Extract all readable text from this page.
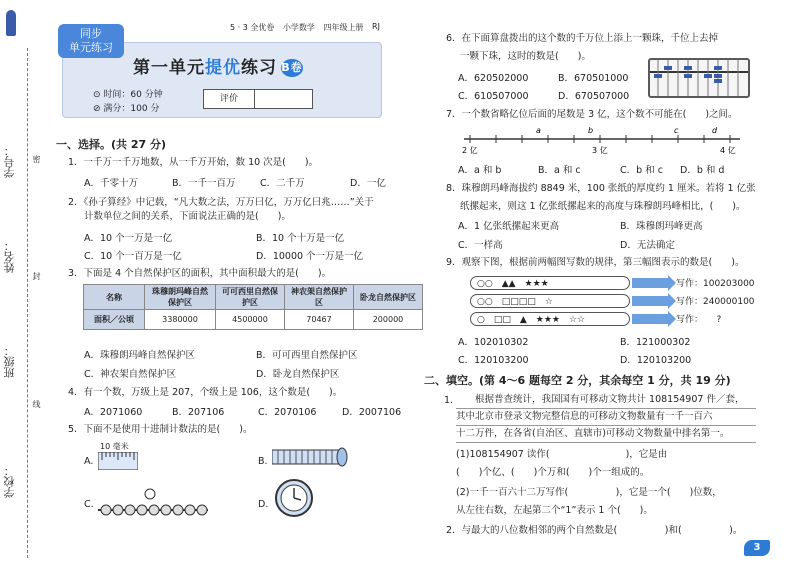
学号：
姓名：
班级：
学校：
密
封
线
第一单元提优练习 B卷
⊙ 时间：60 分钟
⊘ 满分：100 分
评价
同步
单元练习
5 · 3 全优卷 小学数学 四年级上册 RJ
一、选择。(共 27 分)
1．一千万一千万地数，从一千万开始，数 10 次是(　　)。
A．千零十万	B．一千一百万	C．二千万	D．一亿
2．《孙子算经》中记载，“凡大数之法，万万曰亿，万万亿曰兆……”关于
计数单位之间的关系，下面说法正确的是(　　)。
A．10 个一万是一亿	B．10 个十万是一亿
C．10 个一百万是一亿	D．10000 个一万是一亿
3．下面是 4 个自然保护区的面积，其中面积最大的是(　　)。
名称	珠穆朗玛峰自然保护区	可可西里自然保护区	神农架自然保护区	卧龙自然保护区
面积／公顷	3380000	4500000	70467	200000
A．珠穆朗玛峰自然保护区	B．可可西里自然保护区
C．神农架自然保护区	D．卧龙自然保护区
4．有一个数，万级上是 207，个级上是 106，这个数是(　　)。
A．2071060	B．207106	C．2070106	D．2007106
5．下面不是使用十进制计数法的是(　　)。
A.
10 毫米
B.
C.	D.
6．在下面算盘拨出的这个数的千万位上添上一颗珠，千位上去掉
一颗下珠，这时的数是(　　)。
A．620502000	B．670501000
C．610507000	D．670507000
7．一个数省略亿位后面的尾数是 3 亿，这个数不可能在(　　)之间。
2 亿	3 亿	4 亿
a	b	c	d
A．a 和 b	B．a 和 c	C．b 和 c	D．b 和 d
8．珠穆朗玛峰海拔约 8849 米，100 张纸的厚度约 1 厘米。若将 1 亿张
纸摞起来，则这 1 亿张纸摞起来的高度与珠穆朗玛峰相比，(　　)。
A．1 亿张纸摞起来更高	B．珠穆朗玛峰更高
C．一样高	D．无法确定
9．观察下图，根据前两幅图写数的规律，第三幅图表示的数是(　　)。
○○　▲▲　★★★
○○　□□□□　☆
○　□□　▲　★★★　☆☆
写作：100203000
写作：240000100
写作：　　?
A．102010302	B．121000302
C．120103200	D．120103200
二、填空。(第 4～6 题每空 2 分，其余每空 1 分，共 19 分)
1. 　　根据普查统计，我国国有可移动文物共计 108154907 件／套，
其中北京市登录文物完整信息的可移动文物数量有一千一百六
十二万件，在各省(自治区、直辖市)可移动文物数量中排名第一。
(1)108154907 读作(　　　　　　　　)，它是由
(　　)个亿、(　　)个万和(　　)个一组成的。
(2)一千一百六十二万写作(　　　　　)，它是一个(　　)位数，
从左往右数，左起第二个“1”表示 1 个(　　)。
2．与最大的八位数相邻的两个自然数是(　　　　　)和(　　　　　)。
3
